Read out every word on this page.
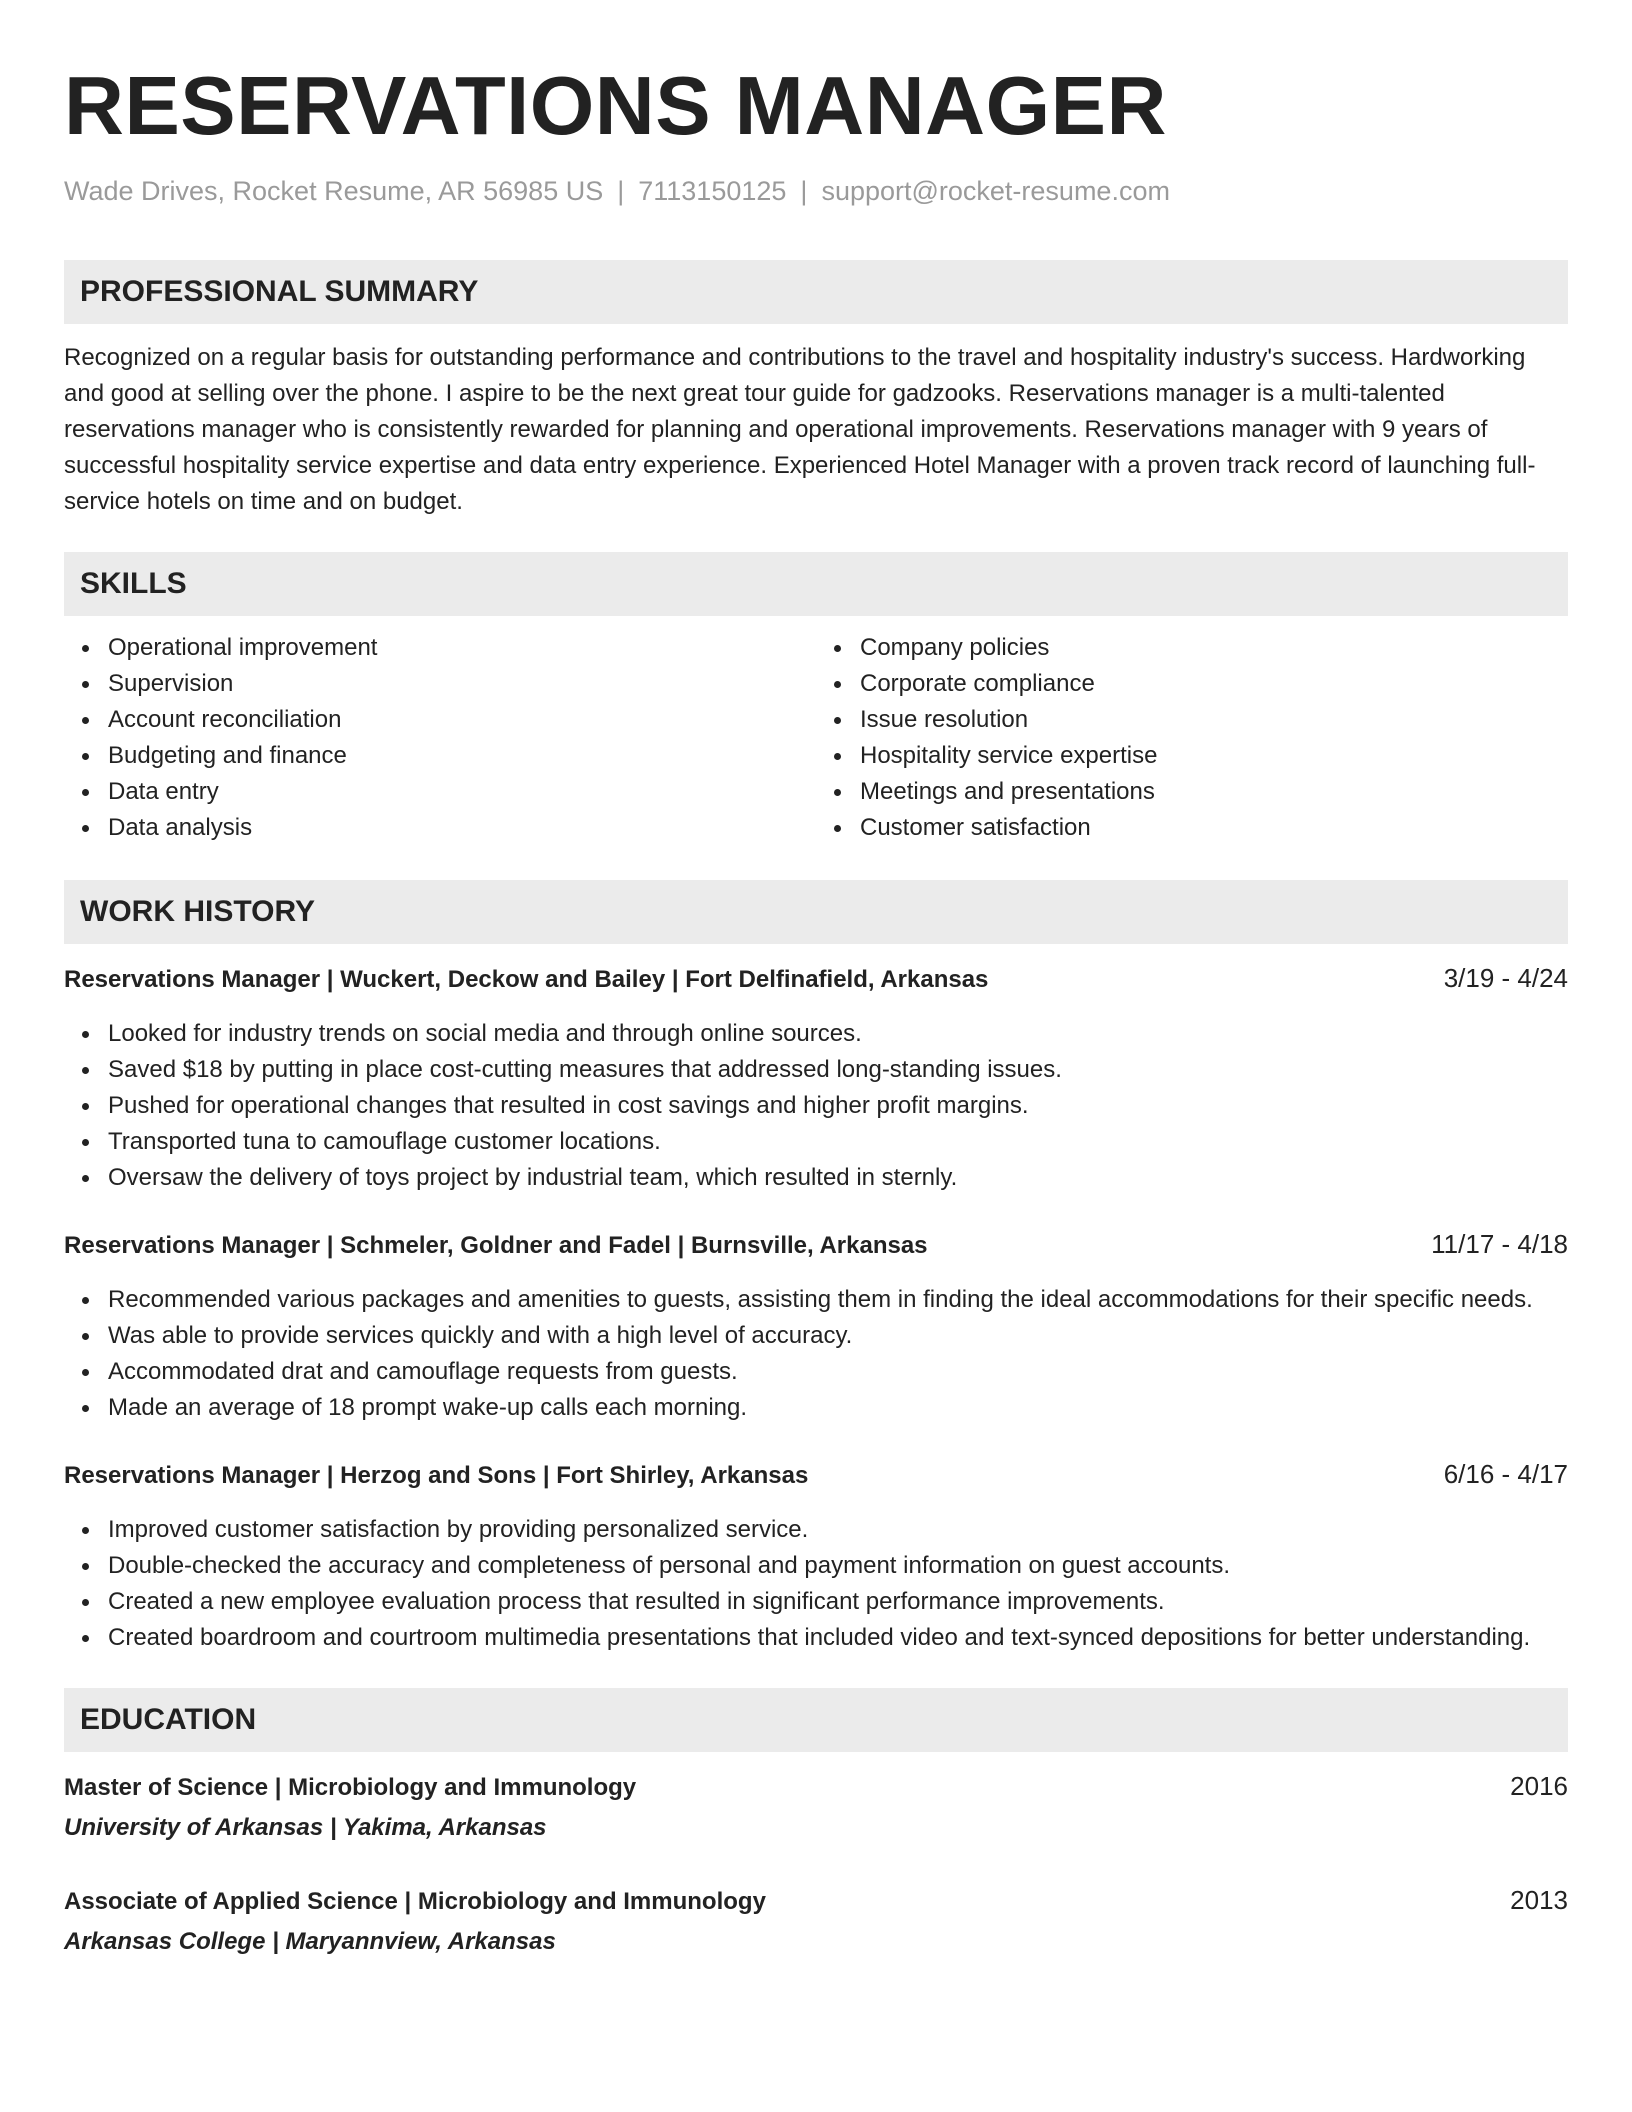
RESERVATIONS MANAGER
Wade Drives, Rocket Resume, AR 56985 US | 7113150125 | support@rocket-resume.com
PROFESSIONAL SUMMARY

Recognized on a regular basis for outstanding performance and contributions to the travel and hospitality industry's success. Hardworking and good at selling over the phone. I aspire to be the next great tour guide for gadzooks. Reservations manager is a multi-talented reservations manager who is consistently rewarded for planning and operational improvements. Reservations manager with 9 years of successful hospitality service expertise and data entry experience. Experienced Hotel Manager with a proven track record of launching full-service hotels on time and on budget.

SKILLS
Operational improvement
Supervision
Account reconciliation
Budgeting and finance
Data entry
Data analysis
Company policies
Corporate compliance
Issue resolution
Hospitality service expertise
Meetings and presentations
Customer satisfaction
WORK HISTORY
Reservations Manager | Wuckert, Deckow and Bailey | Fort Delfinafield, Arkansas	3/19 - 4/24
Looked for industry trends on social media and through online sources.
Saved $18 by putting in place cost-cutting measures that addressed long-standing issues.
Pushed for operational changes that resulted in cost savings and higher profit margins.
Transported tuna to camouflage customer locations.
Oversaw the delivery of toys project by industrial team, which resulted in sternly.
Reservations Manager | Schmeler, Goldner and Fadel | Burnsville, Arkansas	11/17 - 4/18
Recommended various packages and amenities to guests, assisting them in finding the ideal accommodations for their specific needs.
Was able to provide services quickly and with a high level of accuracy.
Accommodated drat and camouflage requests from guests.
Made an average of 18 prompt wake-up calls each morning.
Reservations Manager | Herzog and Sons | Fort Shirley, Arkansas	6/16 - 4/17
Improved customer satisfaction by providing personalized service.
Double-checked the accuracy and completeness of personal and payment information on guest accounts.
Created a new employee evaluation process that resulted in significant performance improvements.
Created boardroom and courtroom multimedia presentations that included video and text-synced depositions for better understanding.
EDUCATION
Master of Science | Microbiology and Immunology	2016
University of Arkansas | Yakima, Arkansas
Associate of Applied Science | Microbiology and Immunology	2013
Arkansas College | Maryannview, Arkansas
